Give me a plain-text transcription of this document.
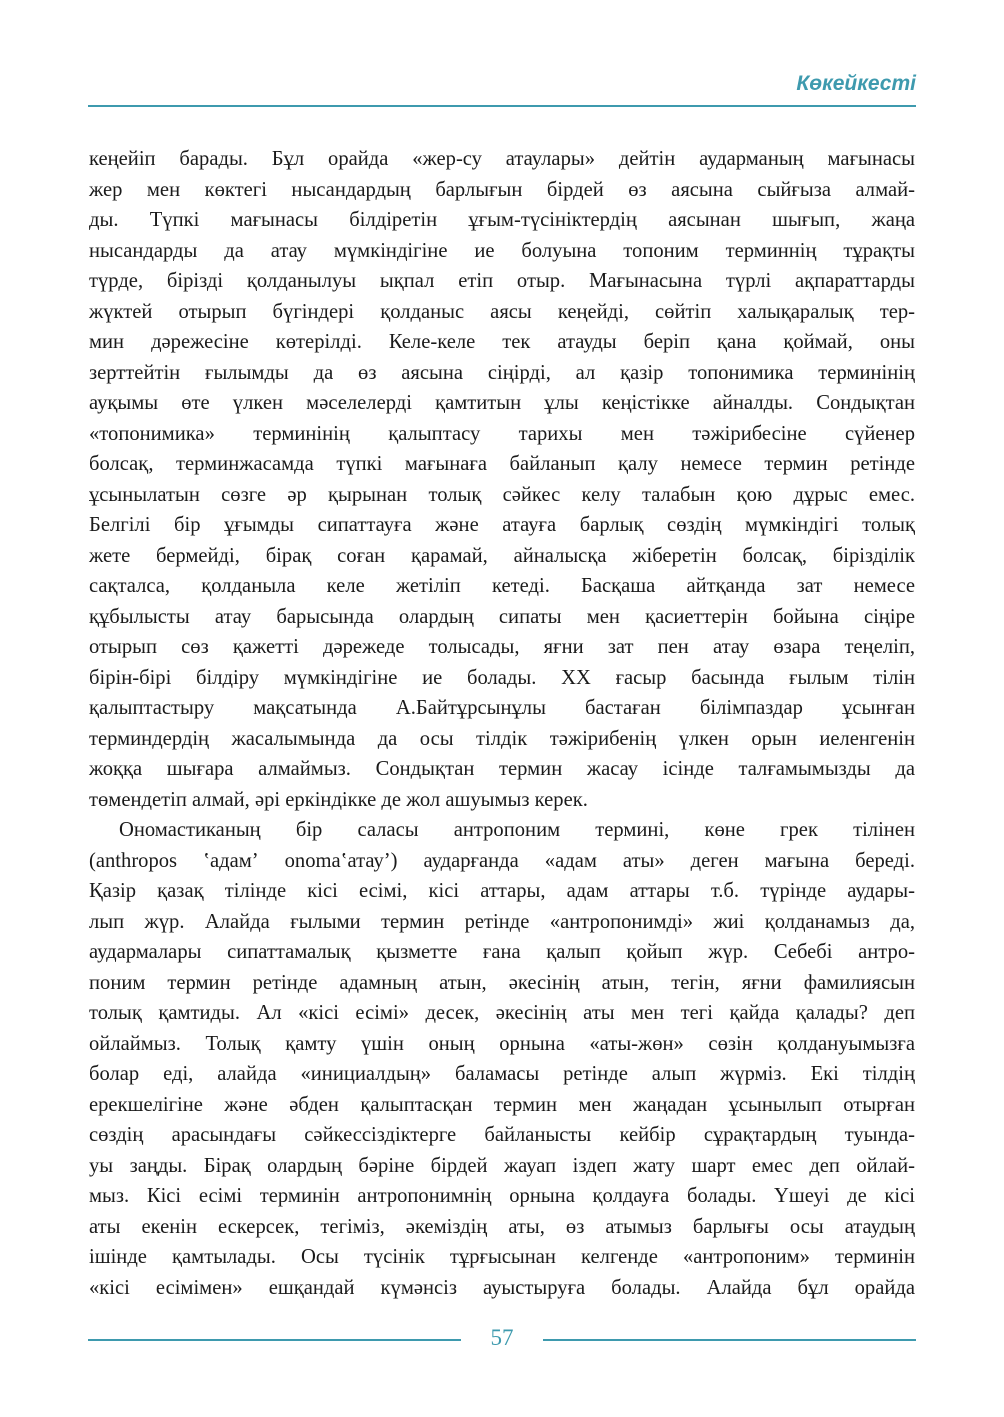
Көкейкесті

кеңейіп барады. Бұл орайда «жер-су атаулары» дейтін аударманың мағынасы

жер мен көктегі нысандардың барлығын бірдей өз аясына сыйғыза алмай-

ды. Түпкі мағынасы білдіретін ұғым-түсініктердің аясынан шығып, жаңа

нысандарды да атау мүмкіндігіне ие болуына топоним терминнің тұрақты

түрде, бірізді қолданылуы ықпал етіп отыр. Мағынасына түрлі ақпараттарды

жүктей отырып бүгіндері қолданыс аясы кеңейді, сөйтіп халықаралық тер-

мин дәрежесіне көтерілді. Келе-келе тек атауды беріп қана қоймай, оны

зерттейтін ғылымды да өз аясына сіңірді, ал қазір топонимика терминінің

ауқымы өте үлкен мәселелерді қамтитын ұлы кеңістікке айналды. Сондықтан

«топонимика» терминінің қалыптасу тарихы мен тәжірибесіне сүйенер

болсақ, терминжасамда түпкі мағынаға байланып қалу немесе термин ретінде

ұсынылатын сөзге әр қырынан толық сәйкес келу талабын қою дұрыс емес.

Белгілі бір ұғымды сипаттауға және атауға барлық сөздің мүмкіндігі толық

жете бермейді, бірақ соған қарамай, айналысқа жіберетін болсақ, бірізділік

сақталса, қолданыла келе жетіліп кетеді. Басқаша айтқанда зат немесе

құбылысты атау барысында олардың сипаты мен қасиеттерін бойына сіңіре

отырып сөз қажетті дәрежеде толысады, яғни зат пен атау өзара теңеліп,

бірін-бірі білдіру мүмкіндігіне ие болады. XX ғасыр басында ғылым тілін

қалыптастыру мақсатында А.Байтұрсынұлы бастаған білімпаздар ұсынған

терминдердің жасалымында да осы тілдік тәжірибенің үлкен орын иеленгенін

жоққа шығара алмаймыз. Сондықтан термин жасау ісінде талғамымызды да

төмендетіп алмай, әрі еркіндікке де жол ашуымыз керек.

Ономастиканың бір саласы антропоним термині, көне грек тілінен

(anthropos ʽадамʼ onomaʽатауʼ) аударғанда «адам аты» деген мағына береді.

Қазір қазақ тілінде кісі есімі, кісі аттары, адам аттары т.б. түрінде аудары-

лып жүр. Алайда ғылыми термин ретінде «антропонимді» жиі қолданамыз да,

аудармалары сипаттамалық қызметте ғана қалып қойып жүр. Себебі антро-

поним термин ретінде адамның атын, әкесінің атын, тегін, яғни фамилиясын

толық қамтиды. Ал «кісі есімі» десек, әкесінің аты мен тегі қайда қалады? деп

ойлаймыз. Толық қамту үшін оның орнына «аты-жөн» сөзін қолдануымызға

болар еді, алайда «инициалдың» баламасы ретінде алып жүрміз. Екі тілдің

ерекшелігіне және әбден қалыптасқан термин мен жаңадан ұсынылып отырған

сөздің арасындағы сәйкессіздіктерге байланысты кейбір сұрақтардың туында-

уы заңды. Бірақ олардың бәріне бірдей жауап іздеп жату шарт емес деп ойлай-

мыз. Кісі есімі терминін антропонимнің орнына қолдауға болады. Үшеуі де кісі

аты екенін ескерсек, тегіміз, әкеміздің аты, өз атымыз барлығы осы атаудың

ішінде қамтылады. Осы түсінік тұрғысынан келгенде «антропоним» терминін

«кісі есімімен» ешқандай күмәнсіз ауыстыруға болады. Алайда бұл орайда

57
